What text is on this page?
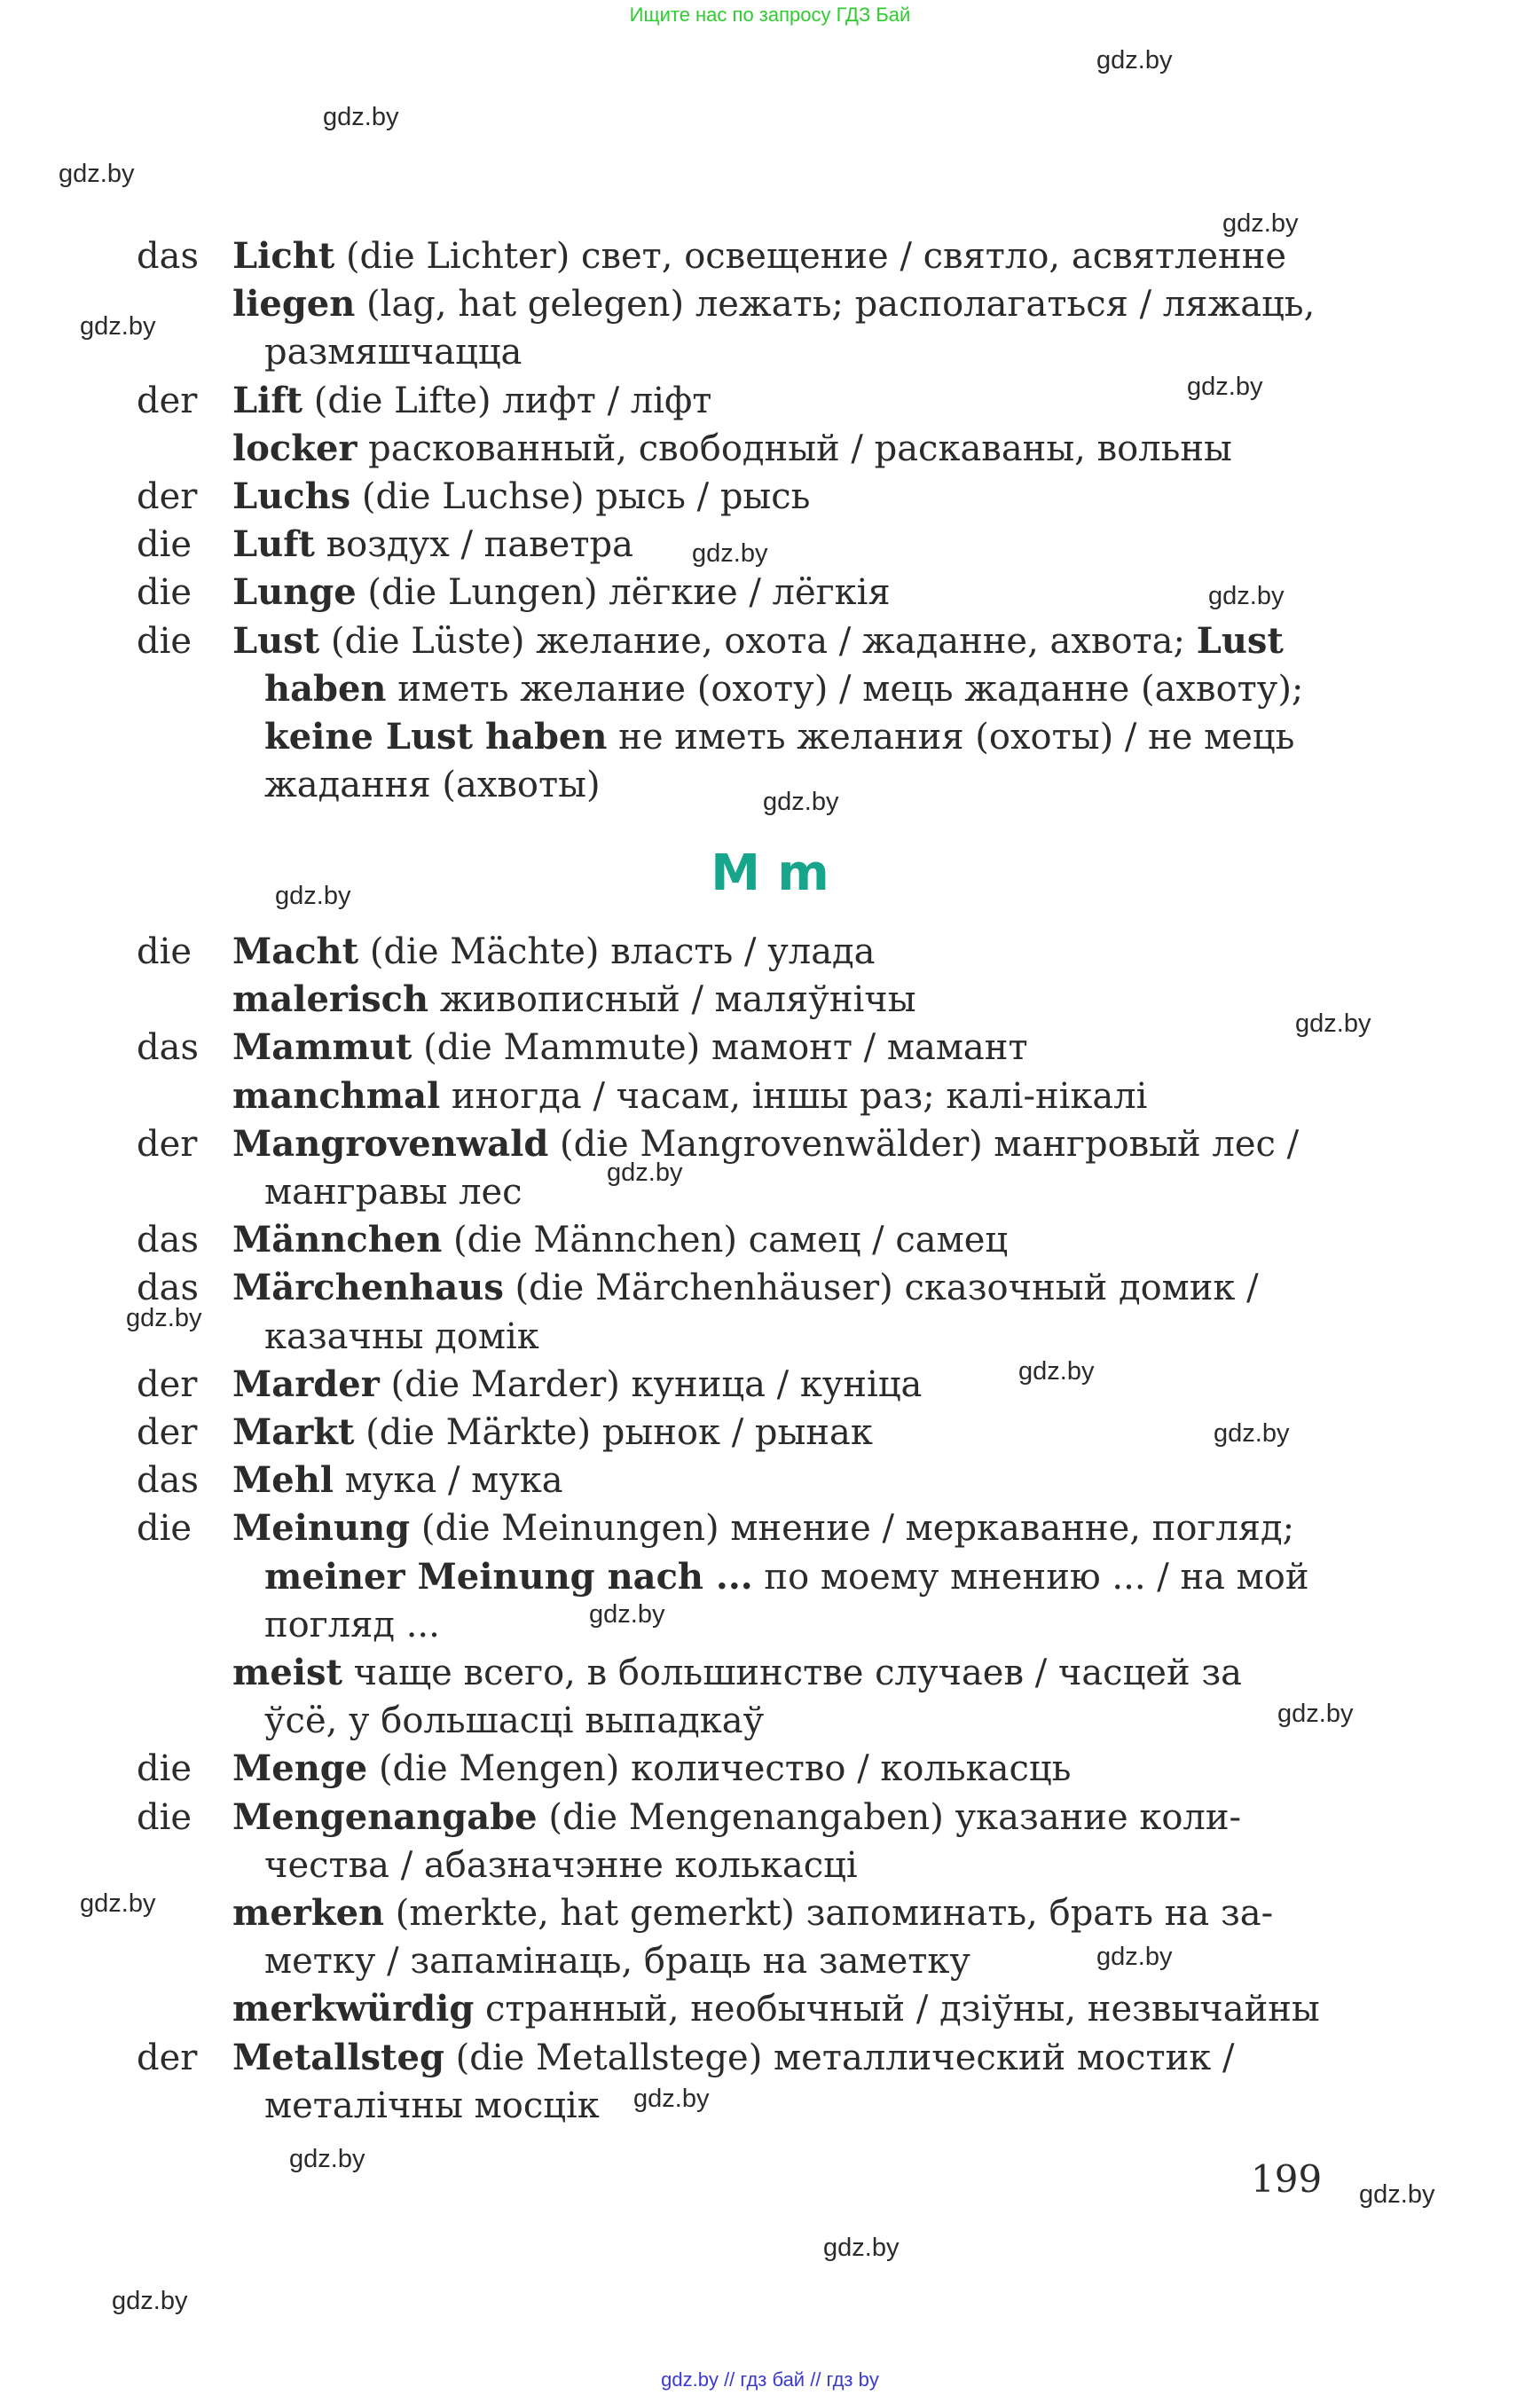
Ищите нас по запросу ГДЗ Бай
gdz.by
gdz.by
gdz.by
gdz.by
gdz.by
gdz.by
gdz.by
gdz.by
gdz.by
gdz.by
gdz.by
gdz.by
gdz.by
gdz.by
gdz.by
gdz.by
gdz.by
gdz.by
gdz.by
gdz.by
gdz.by
gdz.by
gdz.by
gdz.by
M m
das Licht (die Lichter) свет, освещение / святло, асвятленне
liegen (lag, hat gelegen) лежать; располагаться / ляжаць,
размяшчацца
der Lift (die Lifte) лифт / ліфт
locker раскованный, свободный / раскаваны, вольны
der Luchs (die Luchse) рысь / рысь
die	Luft воздух / паветра
die	Lunge (die Lungen) лёгкие / лёгкія
die	Lust (die Lüste) желание, охота / жаданне, ахвота; Lust
haben иметь желание (охоту) / мець жаданне (ахвоту);
keine Lust haben не иметь желания (охоты) / не мець
жадання (ахвоты)
die	Macht (die Mächte) власть / улада
malerisch живописный / маляўнічы
das Mammut (die Mammute) мамонт / мамант
manchmal иногда / часам, іншы раз; калі-нікалі
der Mangrovenwald (die Mangrovenwälder) мангровый лес /
мангравы лес
das Männchen (die Männchen) самец / самец
das Märchenhaus (die Märchenhäuser) сказочный домик /
казачны домік
der Marder (die Marder) куница / куніца
der Markt (die Märkte) рынок / рынак
das Mehl мука / мука
die	Meinung (die Meinungen) мнение / меркаванне, погляд;
meiner Meinung nach ... по моему мнению ... / на мой
погляд ...
meist чаще всего, в большинстве случаев / часцей за
ўсё, у большасці выпадкаў
die	Menge (die Mengen) количество / колькасць
die	Mengenangabe (die Mengenangaben) указание коли-
чества / абазначэнне колькасці
merken (merkte, hat gemerkt) запоминать, брать на за-
метку / запамінаць, браць на заметку
merkwürdig странный, необычный / дзіўны, незвычайны
der Metallsteg (die Metallstege) металлический мостик /
металічны мосцік
199
gdz.by // гдз бай // гдз by
